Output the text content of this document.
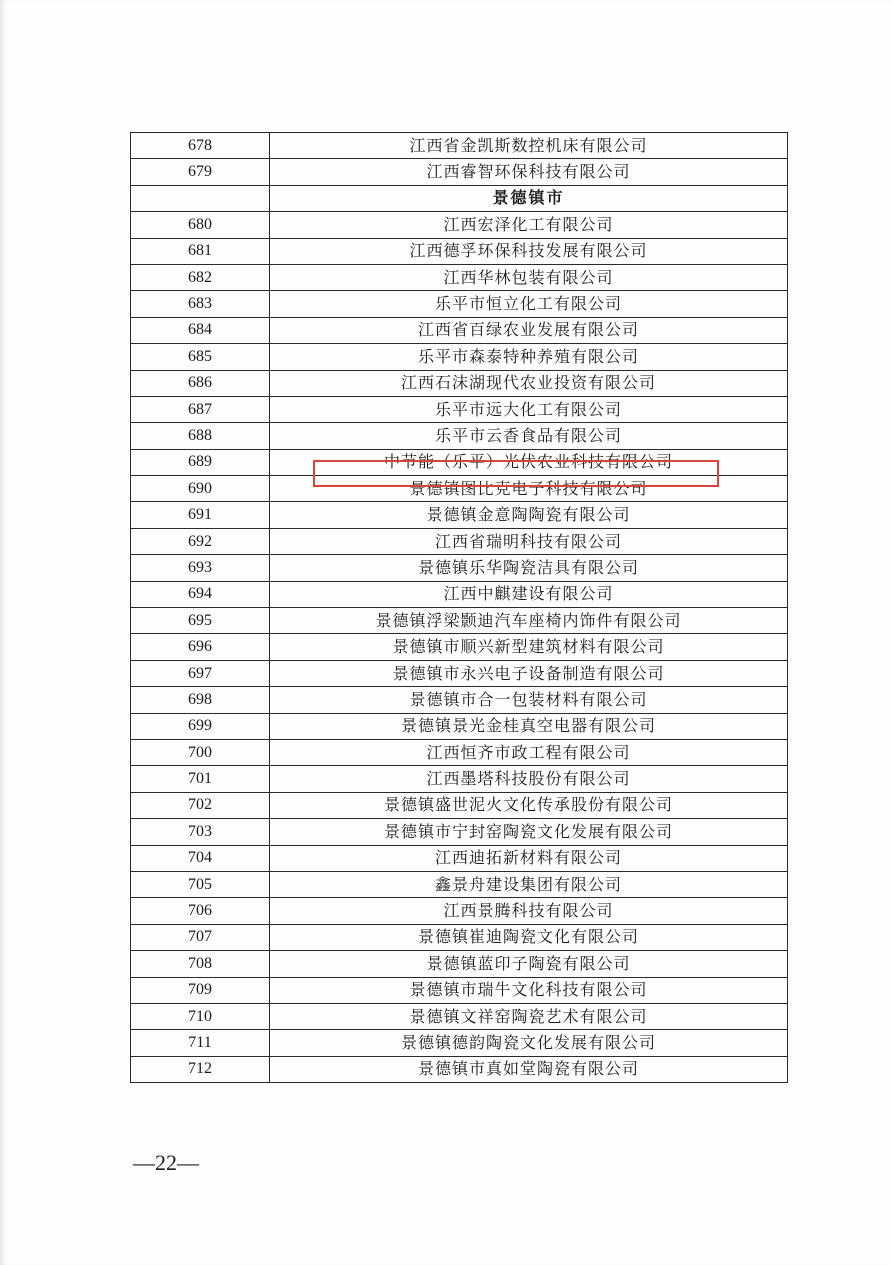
678	江西省金凯斯数控机床有限公司
679	江西睿智环保科技有限公司
	景德镇市
680	江西宏泽化工有限公司
681	江西德孚环保科技发展有限公司
682	江西华林包装有限公司
683	乐平市恒立化工有限公司
684	江西省百绿农业发展有限公司
685	乐平市森泰特种养殖有限公司
686	江西石沫湖现代农业投资有限公司
687	乐平市远大化工有限公司
688	乐平市云香食品有限公司
689	中节能（乐平）光伏农业科技有限公司
690	景德镇图比克电子科技有限公司
691	景德镇金意陶陶瓷有限公司
692	江西省瑞明科技有限公司
693	景德镇乐华陶瓷洁具有限公司
694	江西中麒建设有限公司
695	景德镇浮梁颢迪汽车座椅内饰件有限公司
696	景德镇市顺兴新型建筑材料有限公司
697	景德镇市永兴电子设备制造有限公司
698	景德镇市合一包装材料有限公司
699	景德镇景光金桂真空电器有限公司
700	江西恒齐市政工程有限公司
701	江西墨塔科技股份有限公司
702	景德镇盛世泥火文化传承股份有限公司
703	景德镇市宁封窑陶瓷文化发展有限公司
704	江西迪拓新材料有限公司
705	鑫景舟建设集团有限公司
706	江西景腾科技有限公司
707	景德镇崔迪陶瓷文化有限公司
708	景德镇蓝印子陶瓷有限公司
709	景德镇市瑞牛文化科技有限公司
710	景德镇文祥窑陶瓷艺术有限公司
711	景德镇德韵陶瓷文化发展有限公司
712	景德镇市真如堂陶瓷有限公司
—22—
